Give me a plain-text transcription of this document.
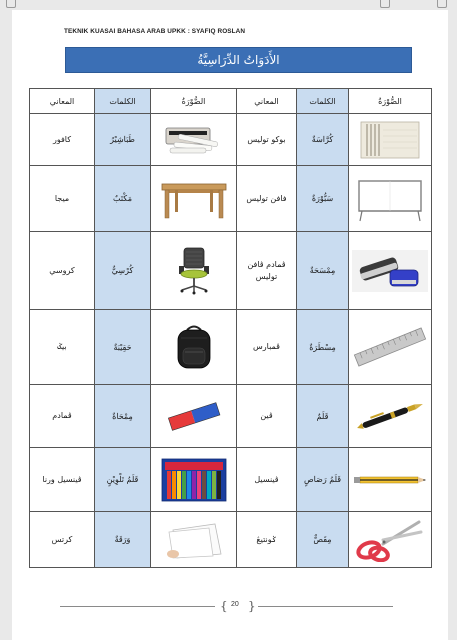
TEKNIK KUASAI BAHASA ARAB UPKK : SYAFIQ ROSLAN
الأَدَوَاتُ الدِّرَاسِيَّةُ
المعاني	الكلمات	الصُّوْرَةُ	المعاني	الكلمات	الصُّوْرَةُ
كافور	طَبَاشِيْرُ		بوكو توليس	كُرَّاسَةٌ	

ميجا	مَكْتَبٌ		فافن توليس	سَبُّوْرَةٌ	

كروسي	كُرْسِيٌّ		ڤمادم ڤافن توليس	مِمْسَحَةٌ	

بيݢ	حَقِيْبَةٌ		ڤمبارس	مِسْطَرَةٌ	

ڤمادم	مِمْحَاةٌ		ڤين	قَلَمٌ	

ڤينسيل ورنا	قَلَمُ تَلْوِيْنٍ		ڤينسيل	قَلَمُ رَصَاصٍ	

كرتس	وَرَقَةٌ		ݢونتيڠ	مِقَصٌّ	
{ 20 }
